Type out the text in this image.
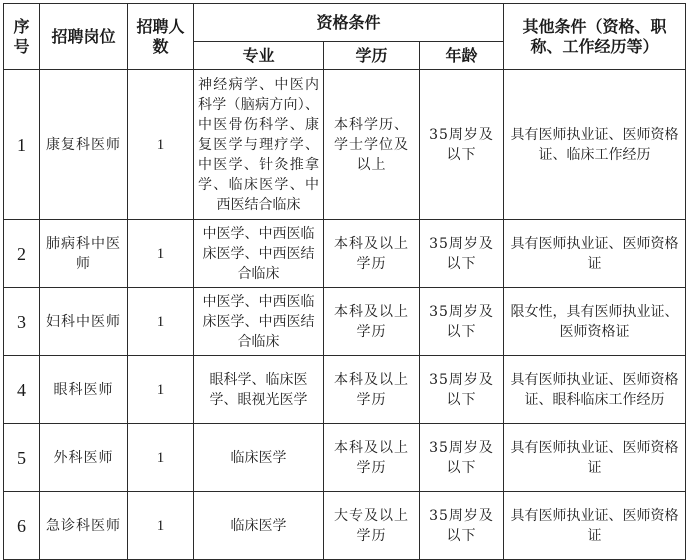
序号	招聘岗位	招聘人数	资格条件			其他条件（资格、职称、工作经历等）
			专业	学历	年龄	
1	康复科医师	1	神经病学、中医内科学（脑病方向）、中医骨伤科学、康复医学与理疗学、中医学、针灸推拿学、临床医学、中西医结合临床	本科学历、学士学位及以上	35周岁及以下	具有医师执业证、医师资格证、临床工作经历
2	肺病科中医师	1	中医学、中西医临床医学、中西医结合临床	本科及以上学历	35周岁及以下	具有医师执业证、医师资格证
3	妇科中医师	1	中医学、中西医临床医学、中西医结合临床	本科及以上学历	35周岁及以下	限女性，具有医师执业证、医师资格证
4	眼科医师	1	眼科学、临床医学、眼视光医学	本科及以上学历	35周岁及以下	具有医师执业证、医师资格证、眼科临床工作经历
5	外科医师	1	临床医学	本科及以上学历	35周岁及以下	具有医师执业证、医师资格证
6	急诊科医师	1	临床医学	大专及以上学历	35周岁及以下	具有医师执业证、医师资格证
